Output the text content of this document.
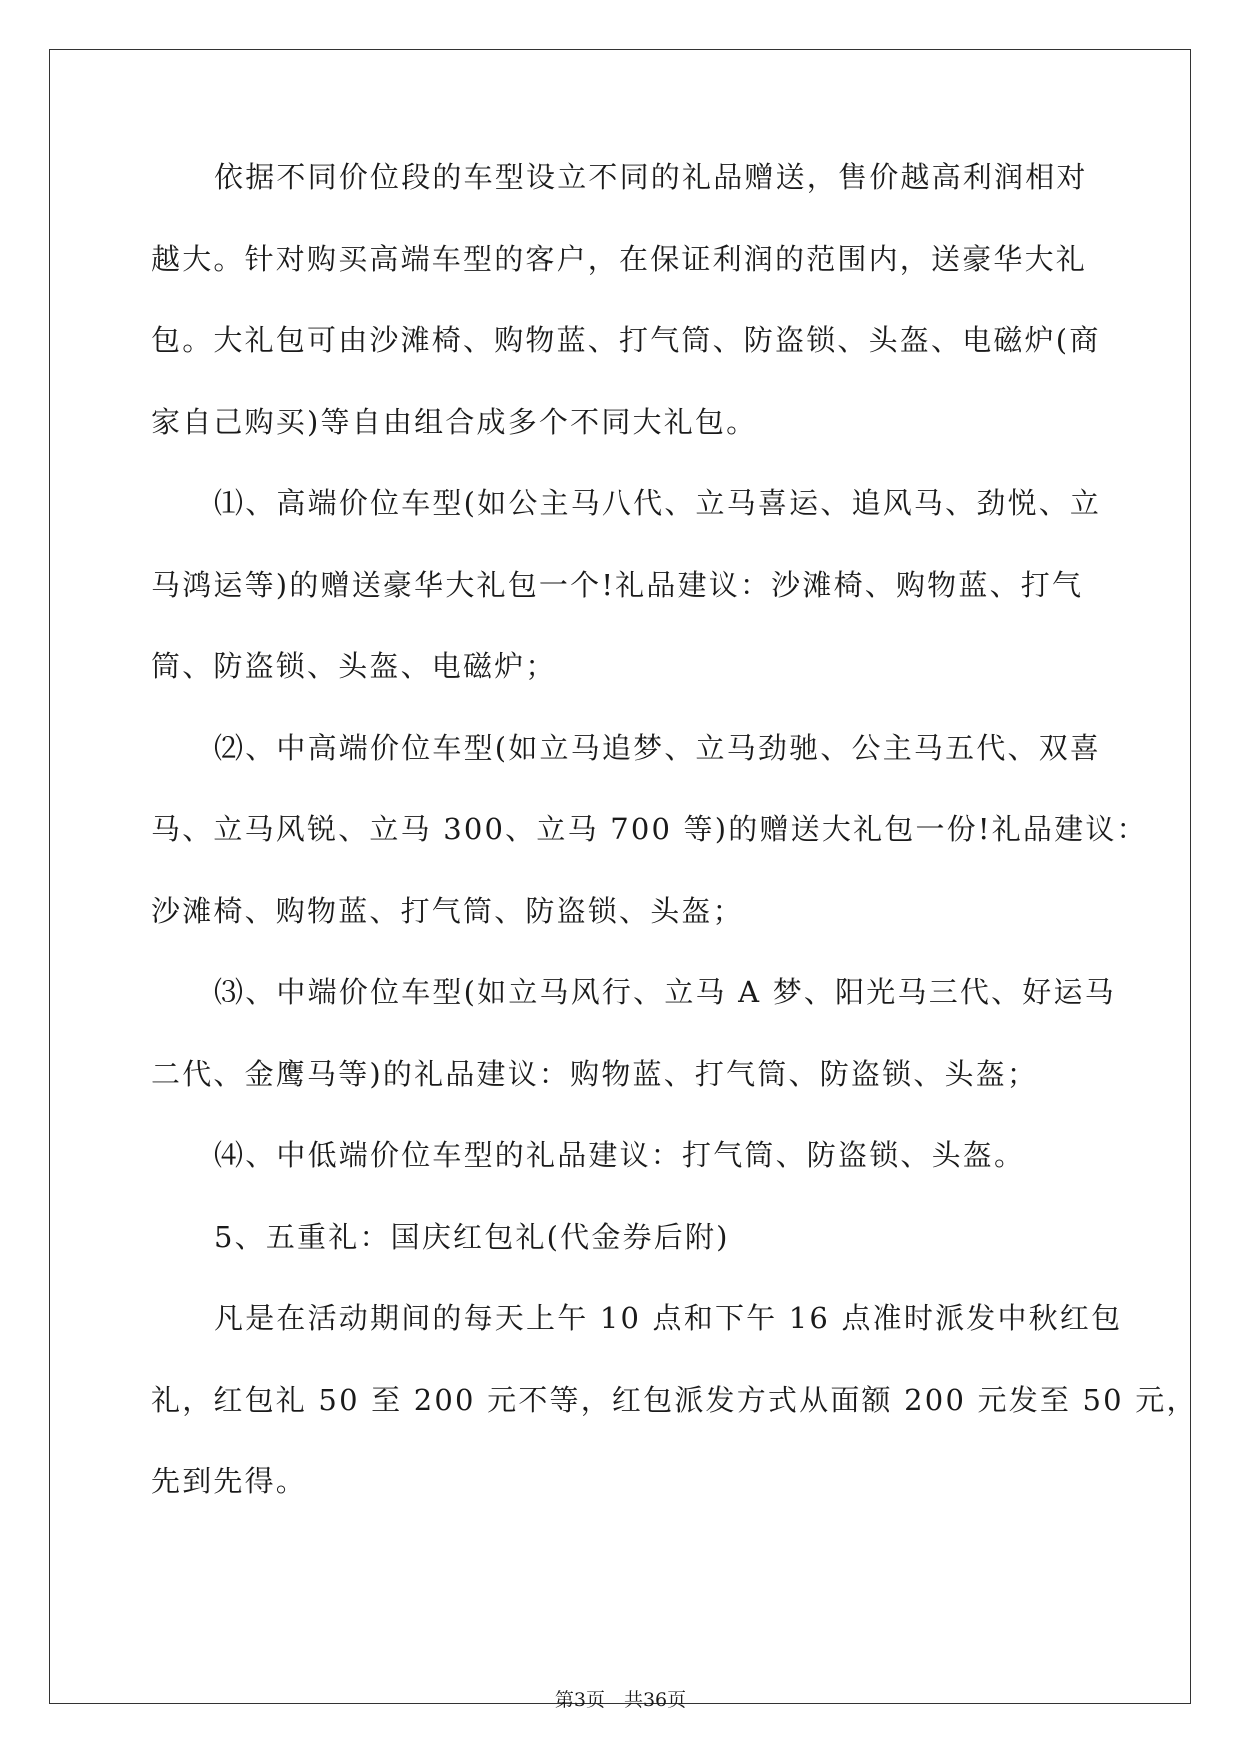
依据不同价位段的车型设立不同的礼品赠送，售价越高利润相对
越大。针对购买高端车型的客户，在保证利润的范围内，送豪华大礼
包。大礼包可由沙滩椅、购物蓝、打气筒、防盗锁、头盔、电磁炉(商
家自己购买)等自由组合成多个不同大礼包。
⑴、高端价位车型(如公主马八代、立马喜运、追风马、劲悦、立
马鸿运等)的赠送豪华大礼包一个!礼品建议：沙滩椅、购物蓝、打气
筒、防盗锁、头盔、电磁炉；
⑵、中高端价位车型(如立马追梦、立马劲驰、公主马五代、双喜
马、立马风锐、立马 300、立马 700 等)的赠送大礼包一份!礼品建议：
沙滩椅、购物蓝、打气筒、防盗锁、头盔；
⑶、中端价位车型(如立马风行、立马 A 梦、阳光马三代、好运马
二代、金鹰马等)的礼品建议：购物蓝、打气筒、防盗锁、头盔；
⑷、中低端价位车型的礼品建议：打气筒、防盗锁、头盔。
5、五重礼：国庆红包礼(代金券后附)
凡是在活动期间的每天上午 10 点和下午 16 点准时派发中秋红包
礼，红包礼 50 至 200 元不等，红包派发方式从面额 200 元发至 50 元，
先到先得。
第3页　共36页
